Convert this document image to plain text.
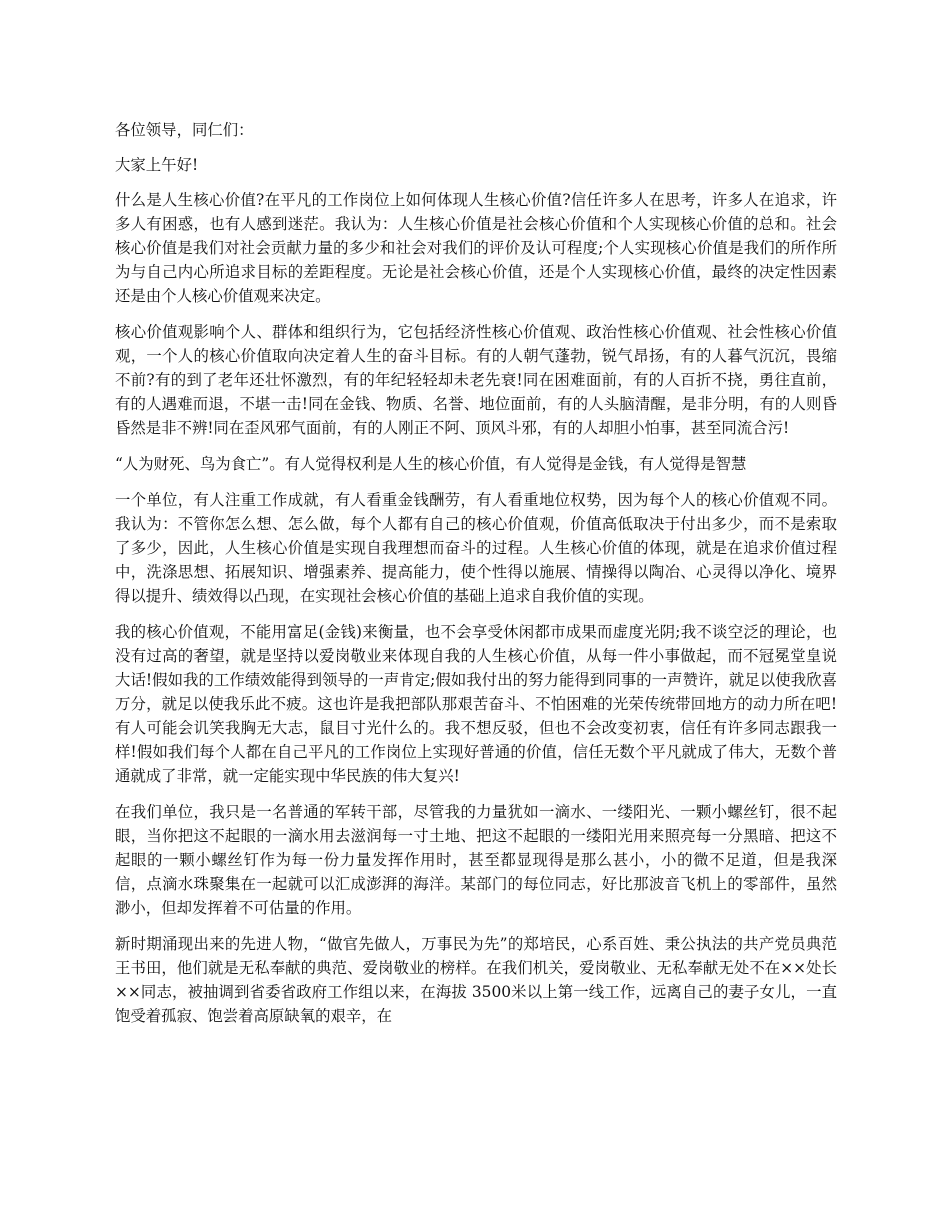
各位领导，同仁们：

大家上午好!

什么是人生核心价值?在平凡的工作岗位上如何体现人生核心价值?信任许多人在思考，许多人在追求，许多人有困惑，也有人感到迷茫。我认为：人生核心价值是社会核心价值和个人实现核心价值的总和。社会核心价值是我们对社会贡献力量的多少和社会对我们的评价及认可程度;个人实现核心价值是我们的所作所为与自己内心所追求目标的差距程度。无论是社会核心价值，还是个人实现核心价值，最终的决定性因素还是由个人核心价值观来决定。

核心价值观影响个人、群体和组织行为，它包括经济性核心价值观、政治性核心价值观、社会性核心价值观，一个人的核心价值取向决定着人生的奋斗目标。有的人朝气蓬勃，锐气昂扬，有的人暮气沉沉，畏缩不前?有的到了老年还壮怀激烈，有的年纪轻轻却未老先衰!同在困难面前，有的人百折不挠，勇往直前，有的人遇难而退，不堪一击!同在金钱、物质、名誉、地位面前，有的人头脑清醒，是非分明，有的人则昏昏然是非不辨!同在歪风邪气面前，有的人刚正不阿、顶风斗邪，有的人却胆小怕事，甚至同流合污!

“人为财死、鸟为食亡”。有人觉得权利是人生的核心价值，有人觉得是金钱，有人觉得是智慧

一个单位，有人注重工作成就，有人看重金钱酬劳，有人看重地位权势，因为每个人的核心价值观不同。我认为：不管你怎么想、怎么做，每个人都有自己的核心价值观，价值高低取决于付出多少，而不是索取了多少，因此，人生核心价值是实现自我理想而奋斗的过程。人生核心价值的体现，就是在追求价值过程中，洗涤思想、拓展知识、增强素养、提高能力，使个性得以施展、情操得以陶冶、心灵得以净化、境界得以提升、绩效得以凸现，在实现社会核心价值的基础上追求自我价值的实现。

我的核心价值观，不能用富足(金钱)来衡量，也不会享受休闲都市成果而虚度光阴;我不谈空泛的理论，也没有过高的奢望，就是坚持以爱岗敬业来体现自我的人生核心价值，从每一件小事做起，而不冠冕堂皇说大话!假如我的工作绩效能得到领导的一声肯定;假如我付出的努力能得到同事的一声赞许，就足以使我欣喜万分，就足以使我乐此不疲。这也许是我把部队那艰苦奋斗、不怕困难的光荣传统带回地方的动力所在吧!有人可能会讥笑我胸无大志，鼠目寸光什么的。我不想反驳，但也不会改变初衷，信任有许多同志跟我一样!假如我们每个人都在自己平凡的工作岗位上实现好普通的价值，信任无数个平凡就成了伟大，无数个普通就成了非常，就一定能实现中华民族的伟大复兴!

在我们单位，我只是一名普通的军转干部，尽管我的力量犹如一滴水、一缕阳光、一颗小螺丝钉，很不起眼，当你把这不起眼的一滴水用去滋润每一寸土地、把这不起眼的一缕阳光用来照亮每一分黑暗、把这不起眼的一颗小螺丝钉作为每一份力量发挥作用时，甚至都显现得是那么甚小，小的微不足道，但是我深信，点滴水珠聚集在一起就可以汇成澎湃的海洋。某部门的每位同志，好比那波音飞机上的零部件，虽然渺小，但却发挥着不可估量的作用。

新时期涌现出来的先进人物，“做官先做人，万事民为先”的郑培民，心系百姓、秉公执法的共产党员典范王书田，他们就是无私奉献的典范、爱岗敬业的榜样。在我们机关，爱岗敬业、无私奉献无处不在××处长××同志，被抽调到省委省政府工作组以来，在海拔 3500米以上第一线工作，远离自己的妻子女儿，一直饱受着孤寂、饱尝着高原缺氧的艰辛，在
